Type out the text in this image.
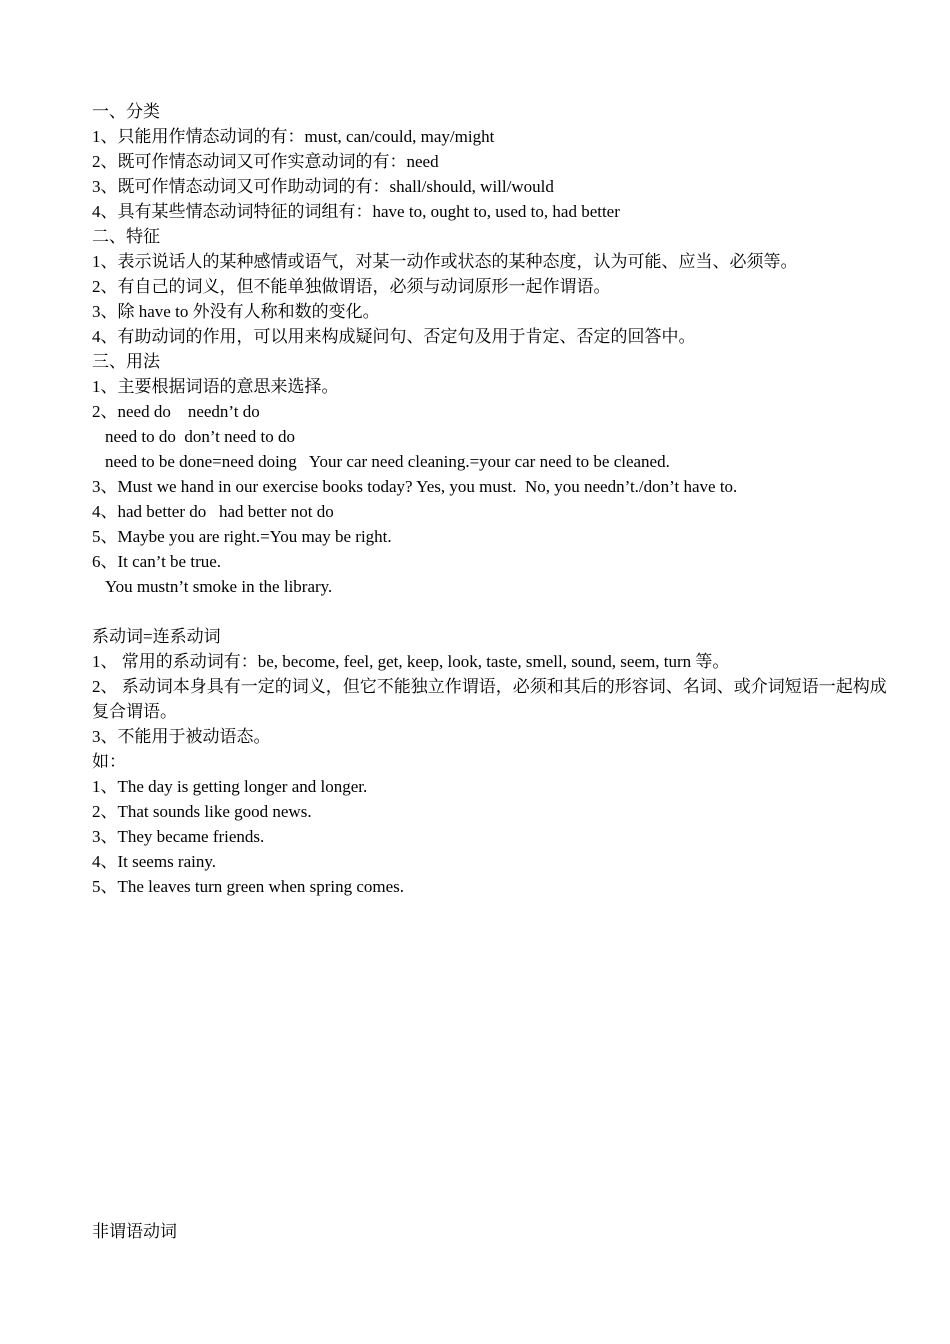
一、分类
1、只能用作情态动词的有：must, can/could, may/might
2、既可作情态动词又可作实意动词的有：need
3、既可作情态动词又可作助动词的有：shall/should, will/would
4、具有某些情态动词特征的词组有：have to, ought to, used to, had better
二、特征
1、表示说话人的某种感情或语气，对某一动作或状态的某种态度，认为可能、应当、必须等。
2、有自己的词义，但不能单独做谓语，必须与动词原形一起作谓语。
3、除 have to 外没有人称和数的变化。
4、有助动词的作用，可以用来构成疑问句、否定句及用于肯定、否定的回答中。
三、用法
1、主要根据词语的意思来选择。
2、need do    needn’t do
need to do  don’t need to do
need to be done=need doing   Your car need cleaning.=your car need to be cleaned.
3、Must we hand in our exercise books today? Yes, you must.  No, you needn’t./don’t have to.
4、had better do   had better not do
5、Maybe you are right.=You may be right.
6、It can’t be true.
You mustn’t smoke in the library.
系动词=连系动词
1、 常用的系动词有：be, become, feel, get, keep, look, taste, smell, sound, seem, turn 等。
2、 系动词本身具有一定的词义，但它不能独立作谓语，必须和其后的形容词、名词、或介词短语一起构成复合谓语。
3、不能用于被动语态。
如：
1、The day is getting longer and longer.
2、That sounds like good news.
3、They became friends.
4、It seems rainy.
5、The leaves turn green when spring comes.
非谓语动词
